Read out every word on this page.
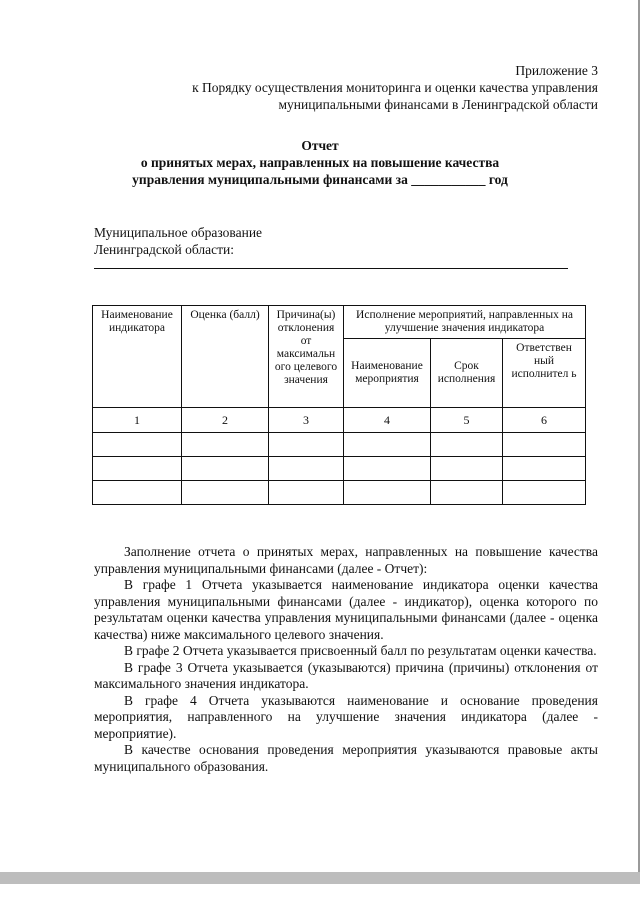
Приложение 3
к Порядку осуществления мониторинга и оценки качества управления
муниципальными финансами в Ленинградской области
Отчет
о принятых мерах, направленных на повышение качества
управления муниципальными финансами за ___________ год
Муниципальное образование
Ленинградской области:
Наименование индикатора	Оценка (балл)	Причина(ы) отклонения от максимальн ого целевого значения	Исполнение мероприятий, направленных на улучшение значения индикатора		
			Наименование мероприятия	Срок исполнения	Ответствен ный исполнител ь
1	2	3	4	5	6

Заполнение отчета о принятых мерах, направленных на повышение качества управления муниципальными финансами (далее - Отчет):

В графе 1 Отчета указывается наименование индикатора оценки качества управления муниципальными финансами (далее - индикатор), оценка которого по результатам оценки качества управления муниципальными финансами (далее - оценка качества) ниже максимального целевого значения.

В графе 2 Отчета указывается присвоенный балл по результатам оценки качества.

В графе 3 Отчета указывается (указываются) причина (причины) отклонения от максимального значения индикатора.

В графе 4 Отчета указываются наименование и основание проведения мероприятия, направленного на улучшение значения индикатора (далее - мероприятие).

В качестве основания проведения мероприятия указываются правовые акты муниципального образования.
